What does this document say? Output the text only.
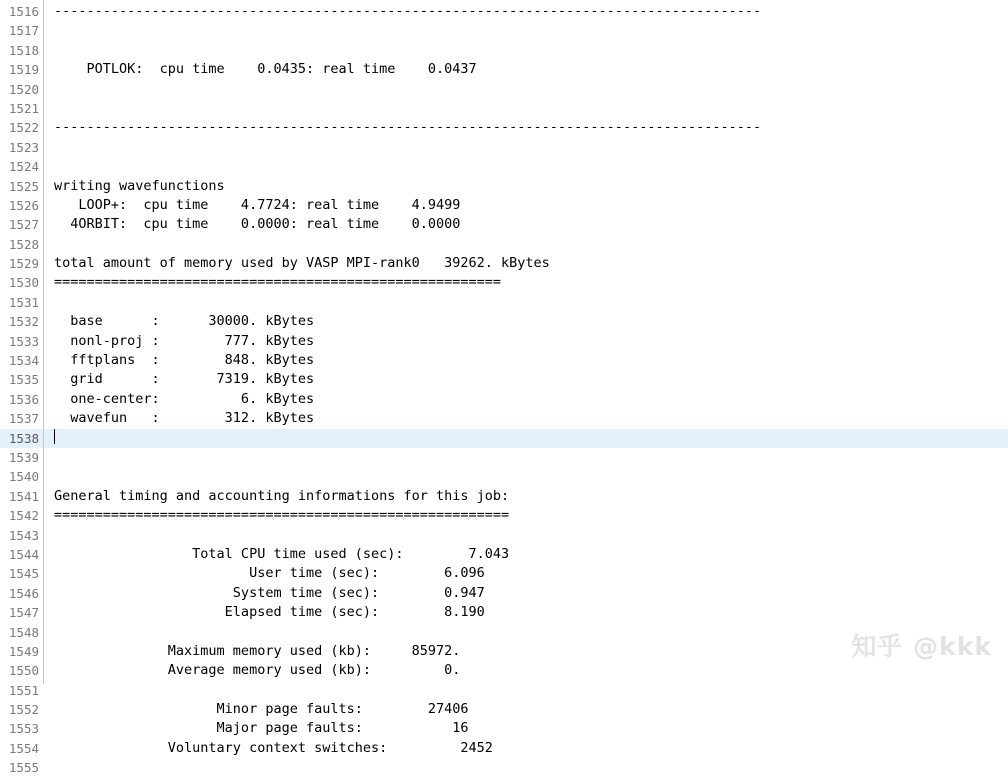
1516
1517
1518
1519
1520
1521
1522
1523
1524
1525
1526
1527
1528
1529
1530
1531
1532
1533
1534
1535
1536
1537
1538
1539
1540
1541
1542
1543
1544
1545
1546
1547
1548
1549
1550
1551
1552
1553
1554
1555
---------------------------------------------------------------------------------------
POTLOK:  cpu time    0.0435: real time    0.0437
---------------------------------------------------------------------------------------
writing wavefunctions
LOOP+:  cpu time    4.7724: real time    4.9499
4ORBIT:  cpu time    0.0000: real time    0.0000
total amount of memory used by VASP MPI-rank0   39262. kBytes
=======================================================
base      :      30000. kBytes
nonl-proj :        777. kBytes
fftplans  :        848. kBytes
grid      :       7319. kBytes
one-center:          6. kBytes
wavefun   :        312. kBytes
General timing and accounting informations for this job:
========================================================
Total CPU time used (sec):        7.043
User time (sec):        6.096
System time (sec):        0.947
Elapsed time (sec):        8.190
Maximum memory used (kb):     85972.
Average memory used (kb):         0.
Minor page faults:        27406
Major page faults:           16
Voluntary context switches:         2452
知乎 @kkk
